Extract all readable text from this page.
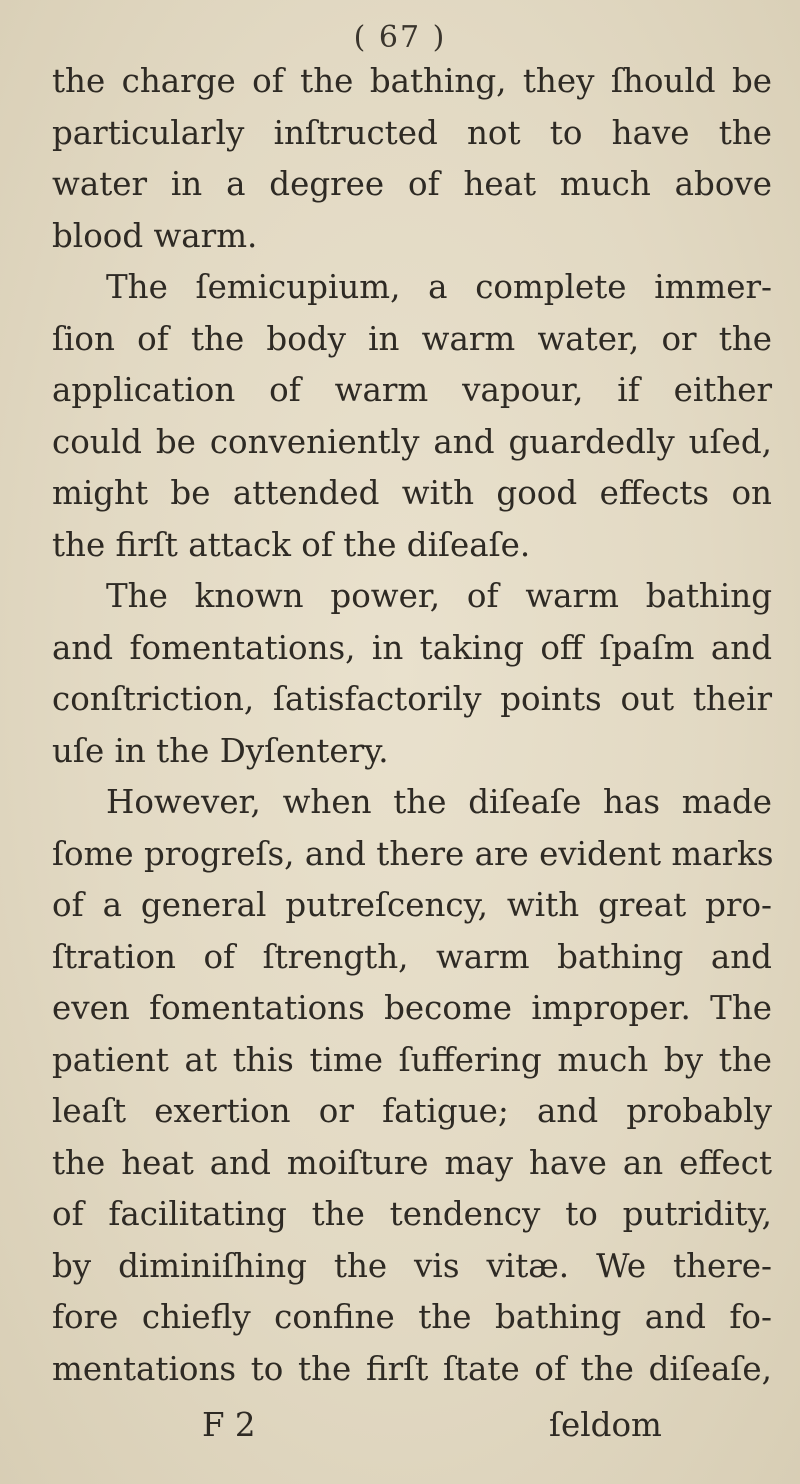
( 67 )
the charge of the bathing, they ſhould be
particularly inſtructed not to have the
water in a degree of heat much above
blood warm.
The ſemicupium, a complete immer-
ſion of the body in warm water, or the
application of warm vapour, if either
could be conveniently and guardedly uſed,
might be attended with good effects on
the firſt attack of the diſeaſe.
The known power, of warm bathing
and fomentations, in taking off ſpaſm and
conſtriction, ſatisfactorily points out their
uſe in the Dyſentery.
However, when the diſeaſe has made
ſome progreſs, and there are evident marks
of a general putreſcency, with great pro-
ſtration of ſtrength, warm bathing and
even fomentations become improper. The
patient at this time ſuffering much by the
leaſt exertion or fatigue; and probably
the heat and moiſture may have an effect
of facilitating the tendency to putridity,
by diminiſhing the vis vitæ. We there-
fore chiefly confine the bathing and fo-
mentations to the firſt ſtate of the diſeaſe,
F 2	ſeldom
